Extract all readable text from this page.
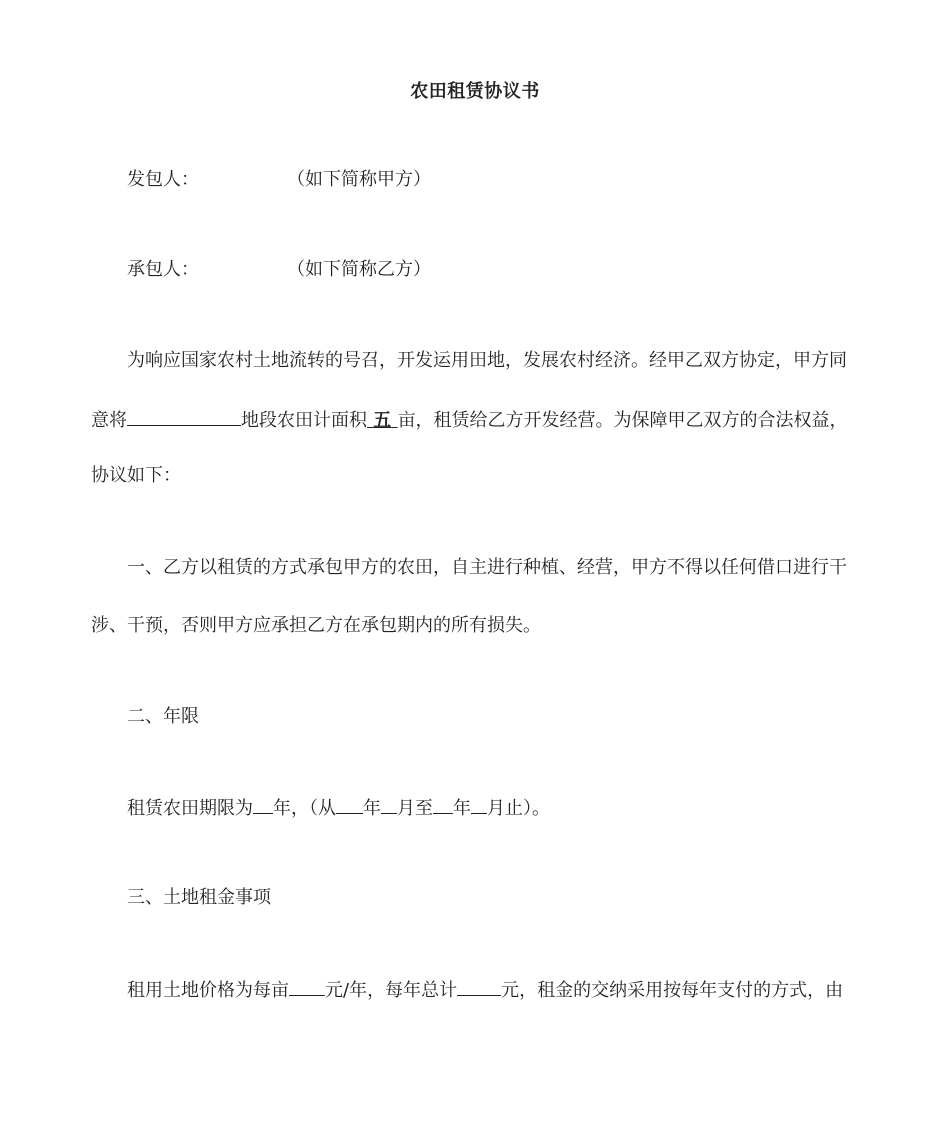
农田租赁协议书
发包人：	（如下简称甲方）
承包人：	（如下简称乙方）
为响应国家农村土地流转的号召，开发运用田地，发展农村经济。经甲乙双方协定，甲方同
意将	地段农田计面积 五 亩，租赁给乙方开发经营。为保障甲乙双方的合法权益，
协议如下：
一、乙方以租赁的方式承包甲方的农田，自主进行种植、经营，甲方不得以任何借口进行干
涉、干预，否则甲方应承担乙方在承包期内的所有损失。
二、年限
租赁农田期限为 年，（从 年 月至 年 月止）。
三、土地租金事项
租用土地价格为每亩 元/年，每年总计 元，租金的交纳采用按每年支付的方式，由
